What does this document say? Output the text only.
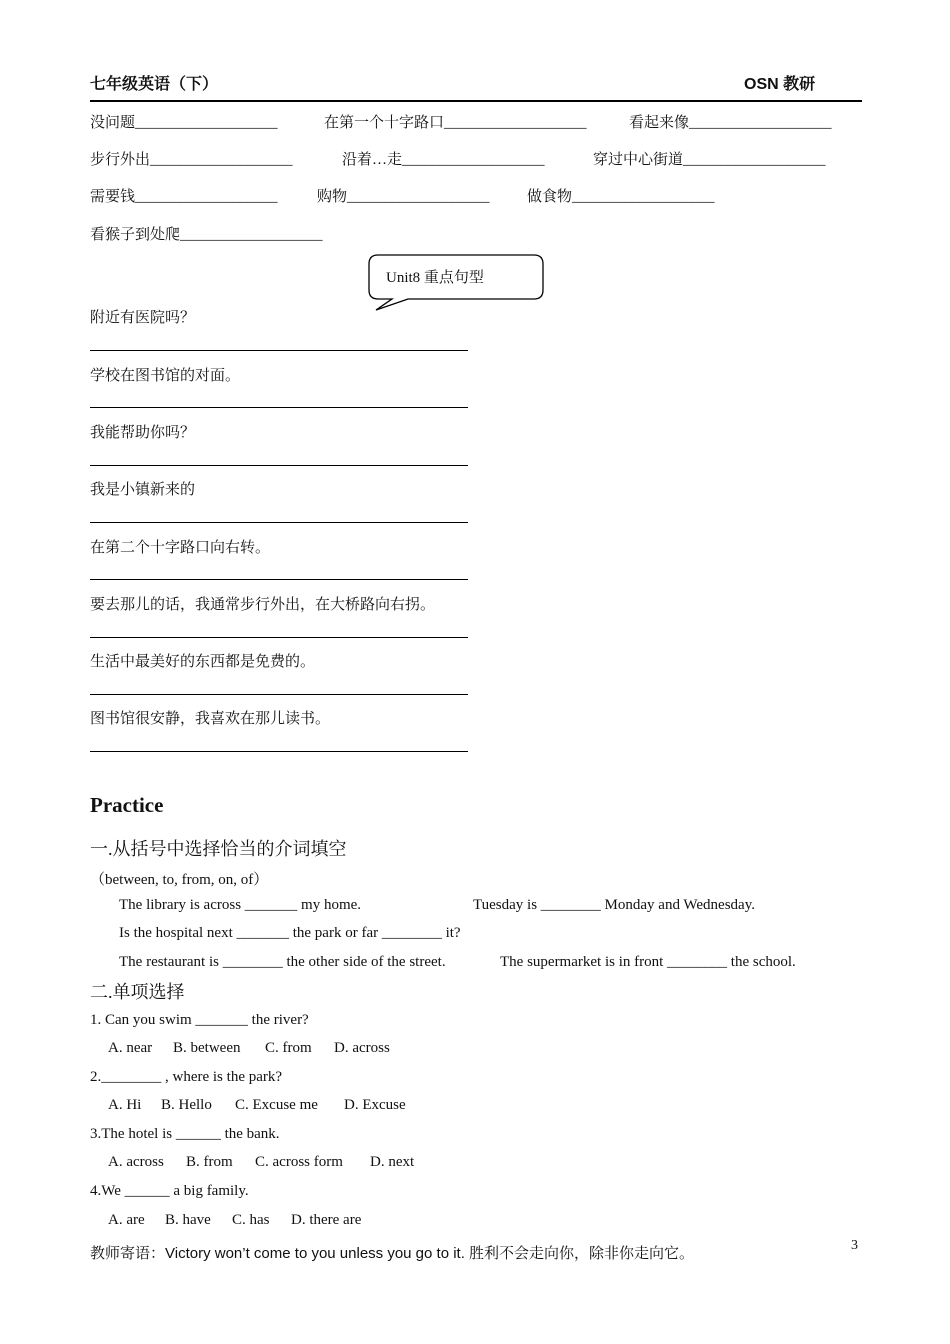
七年级英语（下）	OSN 教研
没问题___________________	在第一个十字路口___________________	看起来像___________________
步行外出___________________	沿着…走___________________	穿过中心街道___________________
需要钱___________________	购物___________________ 做食物___________________
看猴子到处爬___________________
Unit8 重点句型
附近有医院吗？
学校在图书馆的对面。
我能帮助你吗？
我是小镇新来的
在第二个十字路口向右转。
要去那儿的话，我通常步行外出，在大桥路向右拐。
生活中最美好的东西都是免费的。
图书馆很安静，我喜欢在那儿读书。
Practice
一.从括号中选择恰当的介词填空
（between, to, from, on, of）
The library is across _______ my home.	Tuesday is ________ Monday and Wednesday.
Is the hospital next _______ the park or far ________ it?
The restaurant is ________ the other side of the street.	The supermarket is in front ________ the school.
二.单项选择
1. Can you swim _______ the river?
A. near B. between C. from D. across
2.________ , where is the park?
A. Hi B. Hello C. Excuse me D. Excuse
3.The hotel is ______ the bank.
A. across B. from C. across form D. next
4.We ______ a big family.
A. are B. have C. has D. there are
教师寄语：Victory won’t come to you unless you go to it. 胜利不会走向你，除非你走向它。	3
